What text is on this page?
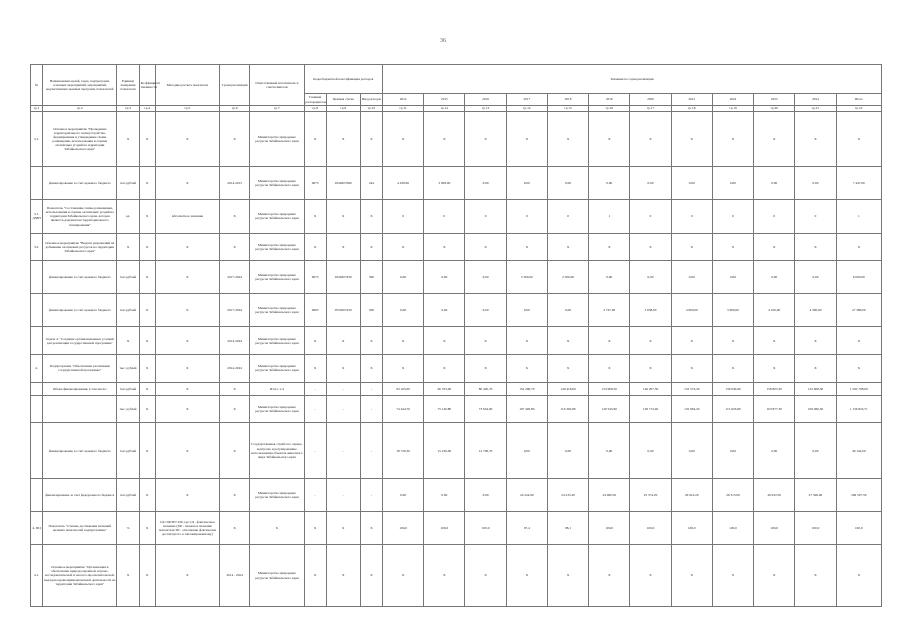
36
№	Наименование целей, задач, подпрограмм, основных мероприятий, мероприятий, ведомственных целевых программ, показателей	Единица измерения показателя	Коэффициент значимости	Методика расчета показателя	Сроки реализации	Ответственный исполнитель и соисполнители	Коды бюджетной классификации расходов			Значения по годам реализации											
							Главный распорядитель	Целевая статья	Вид расходов	2014	2015	2016	2017	2018	2019	2020	2021	2022	2023	2024	Итого
гр.1	гр.2	гр.3	гр.4	гр.5	гр.6	гр.7	гр.8	гр.9	гр.10	гр.11	гр.12	гр.13	гр.14	гр.15	гр.16	гр.17	гр.18	гр.19	гр.20	гр.21	гр.22
3.1.	Основное мероприятие "Проведение территориального землеустройства, формирование и утверждение схемы размещения, использования и охраны охотничьих угодий на территории Забайкальского края"	Х	Х	Х	Х	Министерство природных ресурсов Забайкальского края	Х	Х	Х	Х	Х	Х	Х	Х	Х	Х	Х	Х	Х	Х	Х
	финансирование за счет краевого бюджета	тыс.рублей	Х	Х	2014-2015	Министерство природных ресурсов Забайкальского края	0675	0540207060	244	4 438,00	3 009,00	0,00	0,00	0,00	0,00	0,00	0,00	0,00	0,00	0,00	7 447,00
3.1. ДЗ8Н	Показатель "Составление схемы размещения, использования и охраны охотничьих угодий на территории Забайкальского края, которая является документом территориального планирования"	ед.	Х	Абсолютное значение	Х	Министерство природных ресурсов Забайкальского края	Х	Х	Х	0	0	0	0	0	1	0	0	0	0	0	1
3.2.	Основное мероприятие "Выдача разрешений на добывание охотничьих ресурсов на территории Забайкальского края"	Х	Х	Х	Х	Министерство природных ресурсов Забайкальского края	Х	Х	Х	Х	Х	Х	Х	Х	Х	Х	Х	Х	Х	Х	Х
	финансирование за счет краевого бюджета	тыс.рублей	Х	Х	2017-2024	Министерство природных ресурсов Забайкальского края	0675	0540207450	300	0,00	0,00	0,00	5 300,00	2 500,00	0,00	0,00	0,00	0,00	0,00	0,00	6 000,00
	финансирование за счет краевого бюджета	тыс.рублей	Х	Х	2017-2024	Министерство природных ресурсов Забайкальского края	0665	0550207450	300	0,00	0,00	0,00	0,00	0,00	2 747,00	3 658,00	4 900,00	3 600,00	4 100,00	4 300,00	27 386,00
	Задача 4. "Создание организационных условий для реализации государственной программы"	Х	Х	Х	2014-2024	Министерство природных ресурсов Забайкальского края	Х	Х	Х	Х	Х	Х	Х	Х	Х	Х	Х	Х	Х	Х	Х
4.	Подпрограмма "Обеспечение реализации государственной программы"	тыс. рублей	Х	Х	2014-2024	Министерство природных ресурсов Забайкальского края	Х	Х	Х	Х	Х	Х	Х	Х	Х	Х	Х	Х	Х	Х	Х
	Объем финансирования, в том числе:	тыс.рублей	Х	Х	Х	Итого 1-4	-	-	-	93 165,00	90 335,00	80 420,70	152 290,70	140 418,00	154 908,30	146 207,30	152 574,30	139 930,60	158 803,30	132 608,50	1 592 798,00
		тыс. рублей	Х	Х	Х	Министерство природных ресурсов Забайкальского края	-	-	-	74 444,70	75 140,80	73 654,00	107 495,80	116 302,80	129 545,90	128 713,40	125 964,20	115 643,80	103 877,30	106 066,50	1 156 824,71
	финансирование за счет краевого бюджета	тыс.рублей	Х	Х	Х	Государственная служба по охране, контролю и регулированию использования объектов животного мира Забайкальского края	-	-	-	18 720,30	15 230,00	12 706,70	0,00	0,00	0,00	0,00	0,00	0,00	0,00	0,00	46 144,00
	финансирование за счет федерального бюджета	тыс.рублей	Х	Х	Х	Министерство природных ресурсов Забайкальского края	-	-	-	0,00	0,00	0,00	24 224,90	24 235,20	24 990,50	25 574,20	26 910,20	26 315,00	26 932,50	27 596,00	206 507,59
4. ПЦ	Показатель "Степень достижения значений целевых показателей подпрограммы"	%	Х	СД=ЗФ/ЗП×100, где СД - фактическое значение (ЗФ - плановое значение показателя ЗП - отношение фактически достигнутого к запланированному)	Х	Х	Х	Х	Х	100,0	100,0	100,0	97,4	98,1	100,0	100,0	100,0	100,0	100,0	100,0	100,0
4.1.	Основное мероприятие "Организация и обеспечение природоохранной, научно-исследовательской и эколого-просветительской, надзорно-правоприменительной деятельности на территории Забайкальского края"	Х	Х	Х	2014 - 2024	Министерство природных ресурсов Забайкальского края	Х	Х	Х	Х	Х	Х	Х	Х	Х	Х	Х	Х	Х	Х	Х
